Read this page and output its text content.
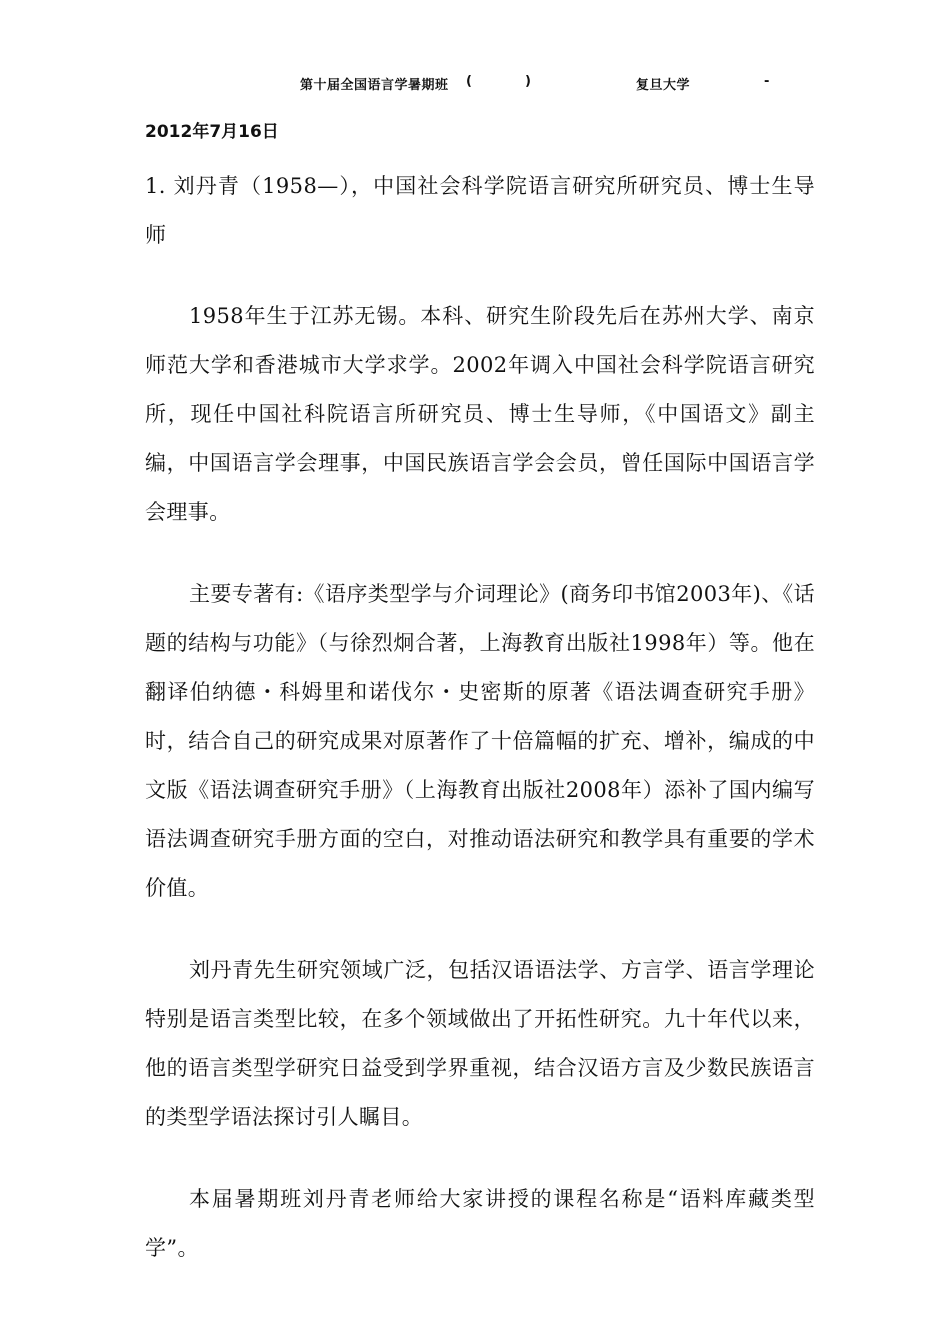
第十届全国语言学暑期班 (	)	复旦大学	-
2012年7月16日

1. 刘丹青（1958—），中国社会科学院语言研究所研究员、博士生导师

1958年生于江苏无锡。本科、研究生阶段先后在苏州大学、南京师范大学和香港城市大学求学。2002年调入中国社会科学院语言研究所，现任中国社科院语言所研究员、博士生导师，《中国语文》副主编，中国语言学会理事，中国民族语言学会会员，曾任国际中国语言学会理事。

主要专著有:《语序类型学与介词理论》(商务印书馆2003年)、《话题的结构与功能》（与徐烈炯合著，上海教育出版社1998年）等。他在翻译伯纳德・科姆里和诺伐尔・史密斯的原著《语法调查研究手册》时，结合自己的研究成果对原著作了十倍篇幅的扩充、增补，编成的中文版《语法调查研究手册》（上海教育出版社2008年）添补了国内编写语法调查研究手册方面的空白，对推动语法研究和教学具有重要的学术价值。

刘丹青先生研究领域广泛，包括汉语语法学、方言学、语言学理论特别是语言类型比较，在多个领域做出了开拓性研究。九十年代以来，他的语言类型学研究日益受到学界重视，结合汉语方言及少数民族语言的类型学语法探讨引人瞩目。

本届暑期班刘丹青老师给大家讲授的课程名称是“语料库藏类型学”。
